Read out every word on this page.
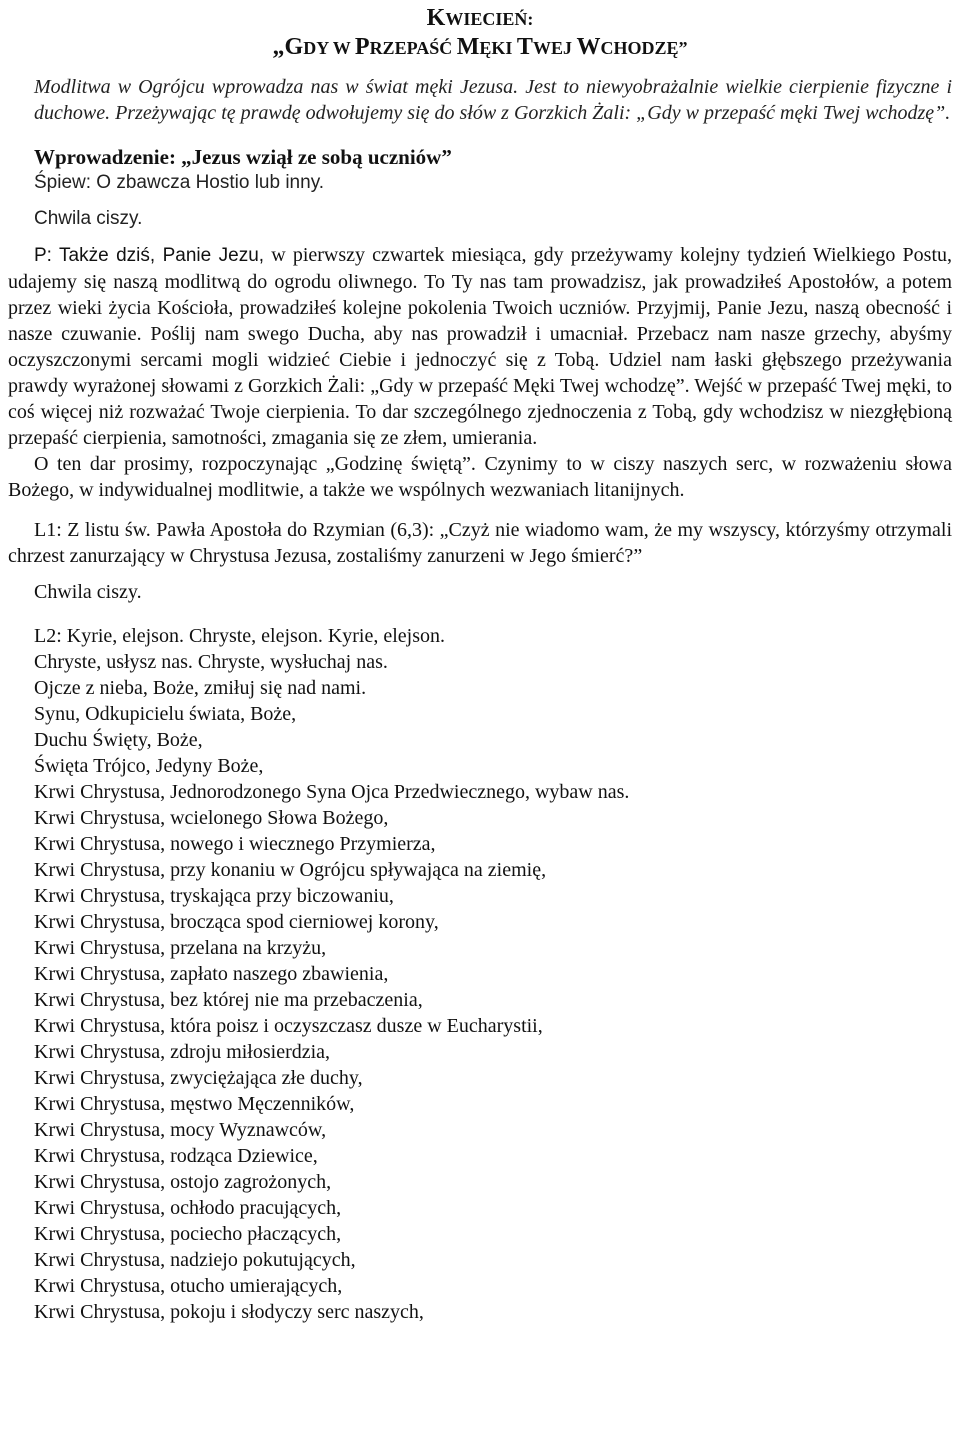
KWIECIEŃ:
„GDY W PRZEPAŚĆ MĘKI TWEJ WCHODZĘ”

Modlitwa w Ogrójcu wprowadza nas w świat męki Jezusa. Jest to niewyobrażalnie wielkie cierpienie fizyczne i duchowe. Przeżywając tę prawdę odwołujemy się do słów z Gorzkich Żali: „Gdy w przepaść męki Twej wchodzę”.

Wprowadzenie: „Jezus wziął ze sobą uczniów”

Śpiew: O zbawcza Hostio lub inny.

Chwila ciszy.

P: Także dziś, Panie Jezu, w pierwszy czwartek miesiąca, gdy przeżywamy kolejny tydzień Wielkiego Postu, udajemy się naszą modlitwą do ogrodu oliwnego. To Ty nas tam prowadzisz, jak prowadziłeś Apostołów, a potem przez wieki życia Kościoła, prowadziłeś kolejne pokolenia Twoich uczniów. Przyjmij, Panie Jezu, naszą obecność i nasze czuwanie. Poślij nam swego Ducha, aby nas prowadził i umacniał. Przebacz nam nasze grzechy, abyśmy oczyszczonymi sercami mogli widzieć Ciebie i jednoczyć się z Tobą. Udziel nam łaski głębszego przeżywania prawdy wyrażonej słowami z Gorzkich Żali: „Gdy w przepaść Męki Twej wchodzę”. Wejść w przepaść Twej męki, to coś więcej niż rozważać Twoje cierpienia. To dar szczególnego zjednoczenia z Tobą, gdy wchodzisz w niezgłębioną przepaść cierpienia, samotności, zmagania się ze złem, umierania.

O ten dar prosimy, rozpoczynając „Godzinę świętą”. Czynimy to w ciszy naszych serc, w rozważeniu słowa Bożego, w indywidualnej modlitwie, a także we wspólnych wezwaniach litanijnych.

L1: Z listu św. Pawła Apostoła do Rzymian (6,3): „Czyż nie wiadomo wam, że my wszyscy, którzyśmy otrzymali chrzest zanurzający w Chrystusa Jezusa, zostaliśmy zanurzeni w Jego śmierć?”

Chwila ciszy.

L2: Kyrie, elejson. Chryste, elejson. Kyrie, elejson.
Chryste, usłysz nas. Chryste, wysłuchaj nas.
Ojcze z nieba, Boże, zmiłuj się nad nami.
Synu, Odkupicielu świata, Boże,
Duchu Święty, Boże,
Święta Trójco, Jedyny Boże,
Krwi Chrystusa, Jednorodzonego Syna Ojca Przedwiecznego, wybaw nas.
Krwi Chrystusa, wcielonego Słowa Bożego,
Krwi Chrystusa, nowego i wiecznego Przymierza,
Krwi Chrystusa, przy konaniu w Ogrójcu spływająca na ziemię,
Krwi Chrystusa, tryskająca przy biczowaniu,
Krwi Chrystusa, brocząca spod cierniowej korony,
Krwi Chrystusa, przelana na krzyżu,
Krwi Chrystusa, zapłato naszego zbawienia,
Krwi Chrystusa, bez której nie ma przebaczenia,
Krwi Chrystusa, która poisz i oczyszczasz dusze w Eucharystii,
Krwi Chrystusa, zdroju miłosierdzia,
Krwi Chrystusa, zwyciężająca złe duchy,
Krwi Chrystusa, męstwo Męczenników,
Krwi Chrystusa, mocy Wyznawców,
Krwi Chrystusa, rodząca Dziewice,
Krwi Chrystusa, ostojo zagrożonych,
Krwi Chrystusa, ochłodo pracujących,
Krwi Chrystusa, pociecho płaczących,
Krwi Chrystusa, nadziejo pokutujących,
Krwi Chrystusa, otucho umierających,
Krwi Chrystusa, pokoju i słodyczy serc naszych,
